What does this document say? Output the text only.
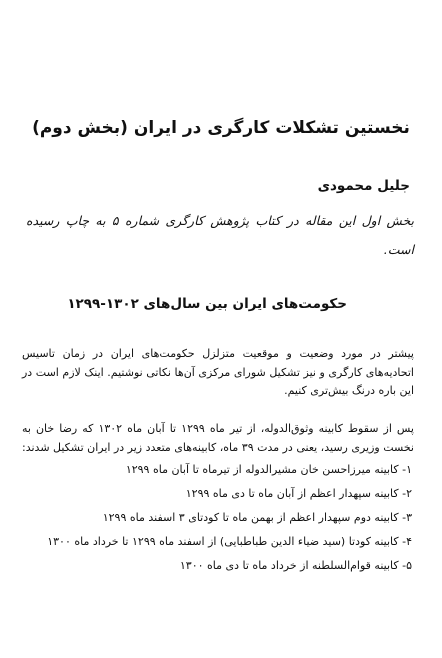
نخستین تشکلات کارگری در ایران (بخش دوم)

جلیل محمودی

بخش اول این مقاله در کتاب پژوهش کارگری شماره ۵ به چاپ رسیده است.

حکومت‌های ایران بین سال‌های ۱۳۰۲-۱۲۹۹

پیشتر در مورد وضعیت و موقعیت متزلزل حکومت‌های ایران در زمان تاسیس اتحادیه‌های کارگری و نیز تشکیل شورای مرکزی آن‌ها نکاتی نوشتیم. اینک لازم است در این باره درنگ بیش‌تری کنیم.

پس از سقوط کابینه وثوق‌الدوله، از تیر ماه ۱۲۹۹ تا آبان ماه ۱۳۰۲ که رضا خان به نخست وزیری رسید، یعنی در مدت ۳۹ ماه، کابینه‌های متعدد زیر در ایران تشکیل شدند:

۱- کابینه میرزاحسن خان مشیرالدوله از تیرماه تا آبان ماه ۱۲۹۹
۲- کابینه سپهدار اعظم از آبان ماه تا دی ماه ۱۲۹۹
۳- کابینه دوم سپهدار اعظم از بهمن ماه تا کودتای ۳ اسفند ماه ۱۲۹۹
۴- کابینه کودتا (سید ضیاء الدین طباطبایی) از اسفند ماه ۱۲۹۹ تا خرداد ماه ۱۳۰۰
۵- کابینه قوام‌السلطنه از خرداد ماه تا دی ماه ۱۳۰۰
